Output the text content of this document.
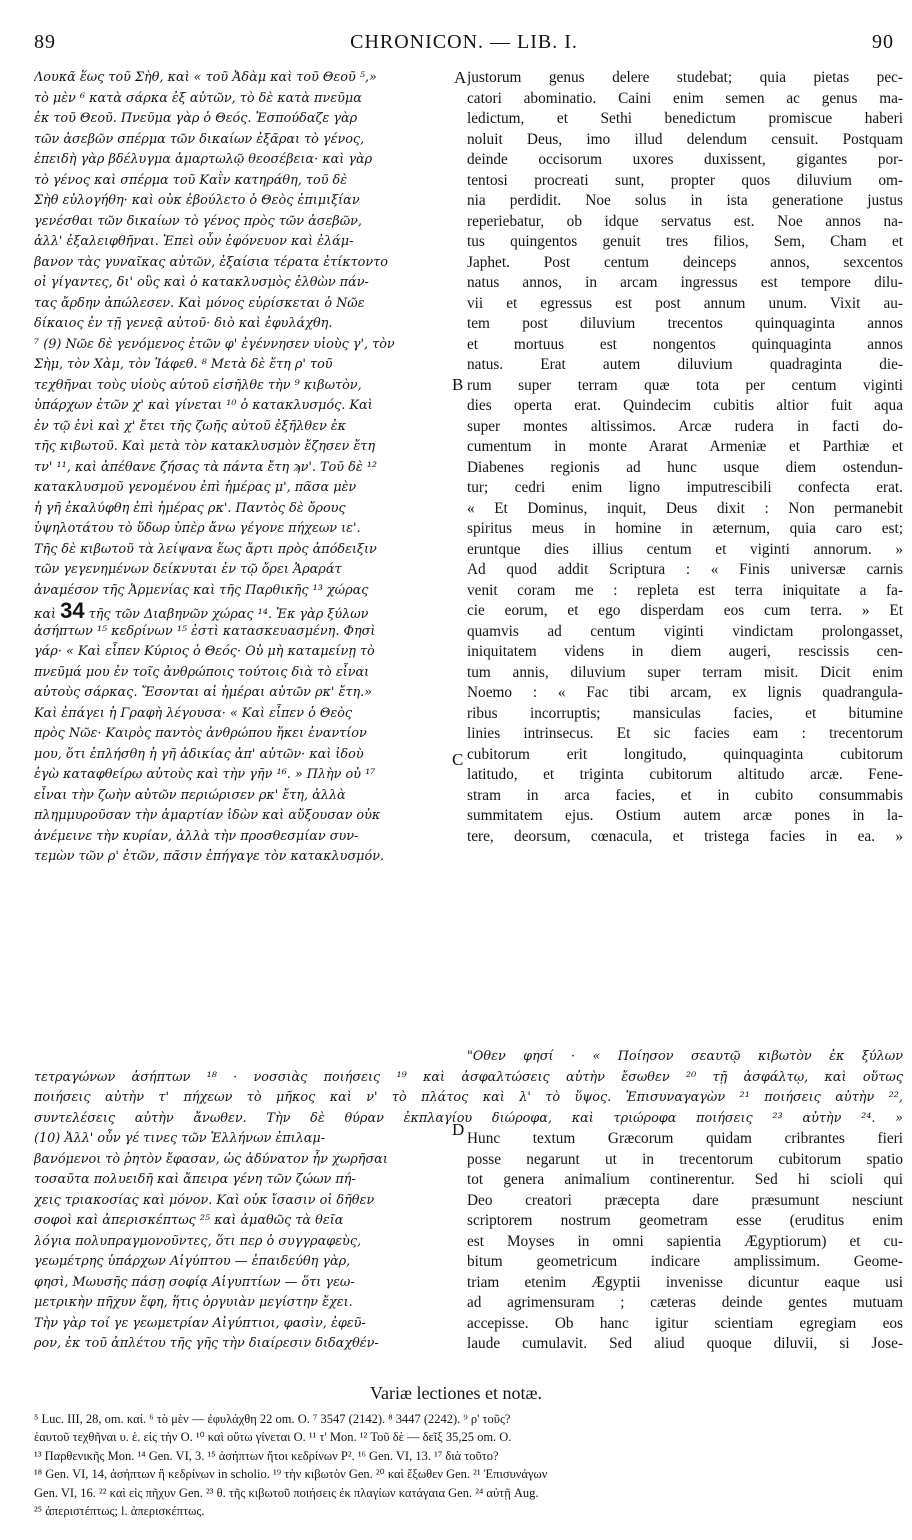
89	CHRONICON. — LIB. I.	90
Λουκᾶ ἕως τοῦ Σὴθ, καὶ « τοῦ Ἀδὰμ καὶ τοῦ Θεοῦ ⁵,»
τὸ μὲν ⁶ κατὰ σάρκα ἐξ αὐτῶν, τὸ δὲ κατὰ πνεῦμα
ἐκ τοῦ Θεοῦ. Πνεῦμα γὰρ ὁ Θεός. Ἐσπούδαζε γὰρ
τῶν ἀσεβῶν σπέρμα τῶν δικαίων ἐξᾶραι τὸ γένος,
ἐπειδὴ γὰρ βδέλυγμα ἁμαρτωλῷ θεοσέβεια· καὶ γὰρ
τὸ γένος καὶ σπέρμα τοῦ Καῒν κατηράθη, τοῦ δὲ
Σὴθ εὐλογήθη· καὶ οὐκ ἐβούλετο ὁ Θεὸς ἐπιμιξίαν
γενέσθαι τῶν δικαίων τὸ γένος πρὸς τῶν ἀσεβῶν,
ἀλλ' ἐξαλειφθῆναι. Ἐπεὶ οὖν ἐφόνευον καὶ ἐλάμ-
βανον τὰς γυναῖκας αὐτῶν, ἐξαίσια τέρατα ἐτίκτοντο
οἱ γίγαντες, δι' οὓς καὶ ὁ κατακλυσμὸς ἐλθὼν πάν-
τας ἄρδην ἀπώλεσεν. Καὶ μόνος εὑρίσκεται ὁ Νῶε
δίκαιος ἐν τῇ γενεᾷ αὐτοῦ· διὸ καὶ ἐφυλάχθη.
⁷ (9) Νῶε δὲ γενόμενος ἐτῶν φ' ἐγέννησεν υἱοὺς γ', τὸν
Σὴμ, τὸν Χὰμ, τὸν Ἰάφεθ. ⁸ Μετὰ δὲ ἔτη ρ' τοῦ
τεχθῆναι τοὺς υἱοὺς αὐτοῦ εἰσῆλθε τὴν ⁹ κιβωτὸν,
ὑπάρχων ἐτῶν χ' καὶ γίνεται ¹⁰ ὁ κατακλυσμός. Καὶ
ἐν τῷ ἑνὶ καὶ χ' ἔτει τῆς ζωῆς αὐτοῦ ἐξῆλθεν ἐκ
τῆς κιβωτοῦ. Καὶ μετὰ τὸν κατακλυσμὸν ἔζησεν ἔτη
τν' ¹¹, καὶ ἀπέθανε ζήσας τὰ πάντα ἔτη ϡν'. Τοῦ δὲ ¹²
κατακλυσμοῦ γενομένου ἐπὶ ἡμέρας μ', πᾶσα μὲν
ἡ γῆ ἐκαλύφθη ἐπὶ ἡμέρας ρκ'. Παντὸς δὲ ὄρους
ὑψηλοτάτου τὸ ὕδωρ ὑπὲρ ἄνω γέγονε πήχεων ιε'.
Τῆς δὲ κιβωτοῦ τὰ λείψανα ἕως ἄρτι πρὸς ἀπόδειξιν
τῶν γεγενημένων δείκνυται ἐν τῷ ὄρει Ἀραράτ
ἀναμέσον τῆς Ἀρμενίας καὶ τῆς Παρθικῆς ¹³ χώρας
καὶ 34 τῆς τῶν Διαβηνῶν χώρας ¹⁴. Ἐκ γὰρ ξύλων
ἀσήπτων ¹⁵ κεδρίνων ¹⁵ ἐστὶ κατασκευασμένη. Φησὶ
γάρ· « Καὶ εἶπεν Κύριος ὁ Θεός· Οὐ μὴ καταμείνῃ τὸ
πνεῦμά μου ἐν τοῖς ἀνθρώποις τούτοις διὰ τὸ εἶναι
αὐτοὺς σάρκας. Ἔσονται αἱ ἡμέραι αὐτῶν ρκ' ἔτη.»
Καὶ ἐπάγει ἡ Γραφὴ λέγουσα· « Καὶ εἶπεν ὁ Θεὸς
πρὸς Νῶε· Καιρὸς παντὸς ἀνθρώπου ἥκει ἐναντίον
μου, ὅτι ἐπλήσθη ἡ γῆ ἀδικίας ἀπ' αὐτῶν· καὶ ἰδοὺ
ἐγὼ καταφθείρω αὐτοὺς καὶ τὴν γῆν ¹⁶. » Πλὴν οὐ ¹⁷
εἶναι τὴν ζωὴν αὐτῶν περιώρισεν ρκ' ἔτη, ἀλλὰ
πλημμυροῦσαν τὴν ἁμαρτίαν ἰδὼν καὶ αὔξουσαν οὐκ
ἀνέμεινε τὴν κυρίαν, ἀλλὰ τὴν προσθεσμίαν συν-
τεμὼν τῶν ρ' ἐτῶν, πᾶσιν ἐπήγαγε τὸν κατακλυσμόν.
justorum genus delere studebat; quia pietas pec-
catori abominatio. Caini enim semen ac genus ma-
ledictum, et Sethi benedictum promiscue haberi
noluit Deus, imo illud delendum censuit. Postquam
deinde occisorum uxores duxissent, gigantes por-
tentosi procreati sunt, propter quos diluvium om-
nia perdidit. Noe solus in ista generatione justus
reperiebatur, ob idque servatus est. Noe annos na-
tus quingentos genuit tres filios, Sem, Cham et
Japhet. Post centum deinceps annos, sexcentos
natus annos, in arcam ingressus est tempore dilu-
vii et egressus est post annum unum. Vixit au-
tem post diluvium trecentos quinquaginta annos
et mortuus est nongentos quinquaginta annos
natus. Erat autem diluvium quadraginta die-
rum super terram quæ tota per centum viginti
dies operta erat. Quindecim cubitis altior fuit aqua
super montes altissimos. Arcæ rudera in facti do-
cumentum in monte Ararat Armeniæ et Parthiæ et
Diabenes regionis ad hunc usque diem ostendun-
tur; cedri enim ligno imputrescibili confecta erat.
« Et Dominus, inquit, Deus dixit : Non permanebit
spiritus meus in homine in æternum, quia caro est;
eruntque dies illius centum et viginti annorum. »
Ad quod addit Scriptura : « Finis universæ carnis
venit coram me : repleta est terra iniquitate a fa-
cie eorum, et ego disperdam eos cum terra. » Et
quamvis ad centum viginti vindictam prolongasset,
iniquitatem videns in diem augeri, rescissis cen-
tum annis, diluvium super terram misit. Dicit enim
Noemo : « Fac tibi arcam, ex lignis quadrangula-
ribus incorruptis; mansiculas facies, et bitumine
linies intrinsecus. Et sic facies eam : trecentorum
cubitorum erit longitudo, quinquaginta cubitorum
latitudo, et triginta cubitorum altitudo arcæ. Fene-
stram in arca facies, et in cubito consummabis
summitatem ejus. Ostium autem arcæ pones in la-
tere, deorsum, cœnacula, et tristega facies in ea. »
A
B
C
D
"Οθεν φησί · « Ποίησον σεαυτῷ κιβωτὸν ἐκ ξύλων
τετραγώνων ἀσήπτων ¹⁸ · νοσσιὰς ποιήσεις ¹⁹ καὶ ἀσφαλτώσεις αὐτὴν ἔσωθεν ²⁰ τῇ ἀσφάλτῳ, καὶ οὕτως
ποιήσεις αὐτὴν τ' πήχεων τὸ μῆκος καὶ ν' τὸ πλάτος καὶ λ' τὸ ὕψος. Ἐπισυναγαγὼν ²¹ ποιήσεις αὐτὴν ²²,
συντελέσεις αὐτὴν ἄνωθεν. Τὴν δὲ θύραν ἐκπλαγίου διώροφα, καὶ τριώροφα ποιήσεις ²³ αὐτὴν ²⁴. »
(10) Ἀλλ' οὖν γέ τινες τῶν Ἑλλήνων ἐπιλαμ-
βανόμενοι τὸ ῥητὸν ἔφασαν, ὡς ἀδύνατον ἦν χωρῆσαι
τοσαῦτα πολυειδῆ καὶ ἄπειρα γένη τῶν ζώων πή-
χεις τριακοσίας καὶ μόνον. Καὶ οὐκ ἴσασιν οἱ δῆθεν
σοφοὶ καὶ ἀπερισκέπτως ²⁵ καὶ ἀμαθῶς τὰ θεῖα
λόγια πολυπραγμονοῦντες, ὅτι περ ὁ συγγραφεὺς,
γεωμέτρης ὑπάρχων Αἰγύπτου — ἐπαιδεύθη γὰρ,
φησὶ, Μωυσῆς πάσῃ σοφίᾳ Αἰγυπτίων — ὅτι γεω-
μετρικὴν πῆχυν ἔφη, ἥτις ὀργυιὰν μεγίστην ἔχει.
Τὴν γὰρ τοί γε γεωμετρίαν Αἰγύπτιοι, φασὶν, ἐφεῦ-
ρον, ἐκ τοῦ ἀπλέτου τῆς γῆς τὴν διαίρεσιν διδαχθέν-
Hunc textum Græcorum quidam cribrantes fieri
posse negarunt ut in trecentorum cubitorum spatio
tot genera animalium continerentur. Sed hi scioli qui
Deo creatori præcepta dare præsumunt nesciunt
scriptorem nostrum geometram esse (eruditus enim
est Moyses in omni sapientia Ægyptiorum) et cu-
bitum geometricum indicare amplissimum. Geome-
triam etenim Ægyptii invenisse dicuntur eaque usi
ad agrimensuram ; cæteras deinde gentes mutuam
accepisse. Ob hanc igitur scientiam egregiam eos
laude cumulavit. Sed aliud quoque diluvii, si Jose-
Variæ lectiones et notæ.
⁵ Luc. III, 28, om. καί. ⁶ τὸ μὲν — ἐφυλάχθη 22 om. O. ⁷ 3547 (2142). ⁸ 3447 (2242). ⁹ ρ' τοῦς?
ἑαυτοῦ τεχθῆναι υ. ἑ. εἰς τὴν O. ¹⁰ καὶ οὕτω γίνεται O. ¹¹ τ' Mon. ¹² Τοῦ δὲ — δεῖξ 35,25 om. O.
¹³ Παρθενικῆς Mon. ¹⁴ Gen. VI, 3. ¹⁵ ἀσήπτων ἤτοι κεδρίνων P². ¹⁶ Gen. VI, 13. ¹⁷ διὰ τοῦτο?
¹⁸ Gen. VI, 14, ἀσήπτων ἢ κεδρίνων in scholio. ¹⁹ τὴν κιβωτὸν Gen. ²⁰ καὶ ἔξωθεν Gen. ²¹ Ἐπισυνάγων
Gen. VI, 16. ²² καὶ εἰς πῆχυν Gen. ²³ θ. τῆς κιβωτοῦ ποιήσεις ἐκ πλαγίων κατάγαια Gen. ²⁴ αὐτῇ Aug.
²⁵ ἀπεριστέπτως; l. ἀπερισκέπτως.
